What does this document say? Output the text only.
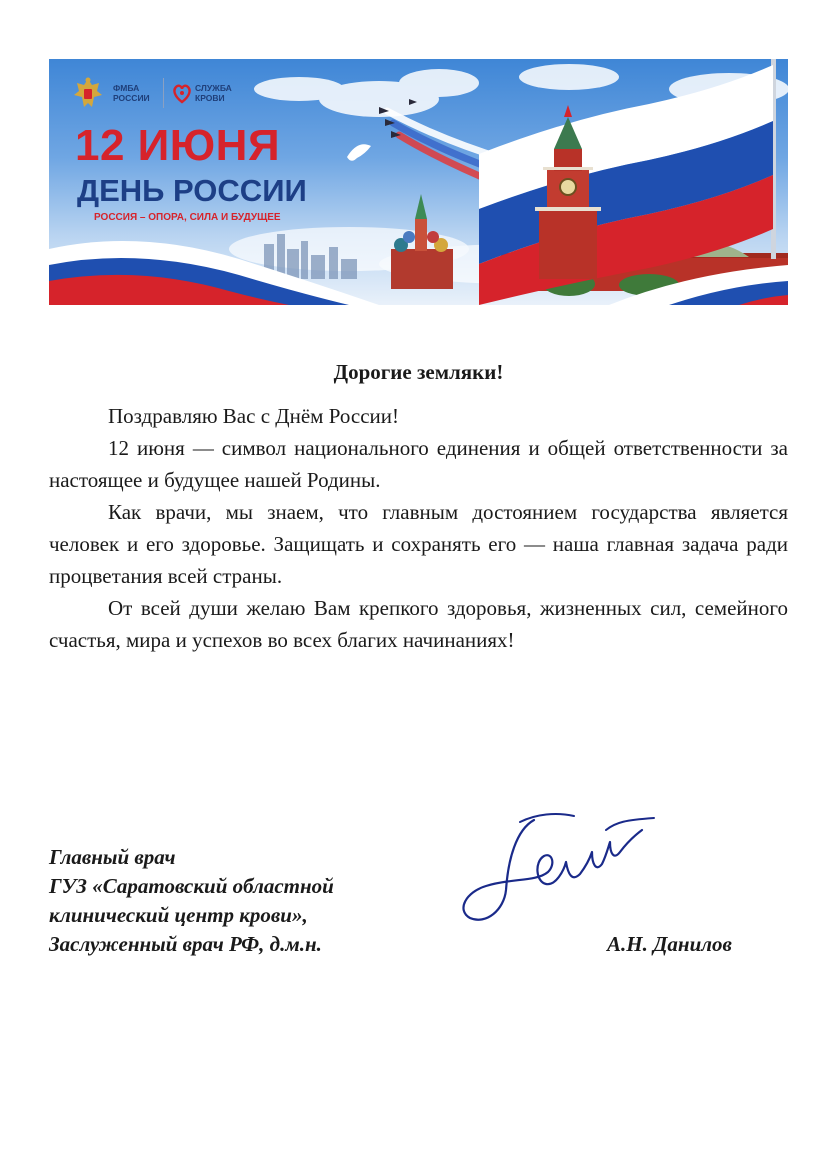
ФМБА РОССИИ
СЛУЖБА КРОВИ
12 ИЮНЯ
ДЕНЬ РОССИИ

РОССИЯ – ОПОРА, СИЛА И БУДУЩЕЕ

Дорогие земляки!

Поздравляю Вас с Днём России!

12 июня — символ национального единения и общей ответственности за настоящее и будущее нашей Родины.

Как врачи, мы знаем, что главным достоянием государства является человек и его здоровье. Защищать и сохранять его — наша главная задача ради процветания всей страны.

От всей души желаю Вам крепкого здоровья, жизненных сил, семейного счастья, мира и успехов во всех благих начинаниях!

Главный врач
ГУЗ «Саратовский областной
клинический центр крови»,
Заслуженный врач РФ, д.м.н.	А.Н. Данилов
